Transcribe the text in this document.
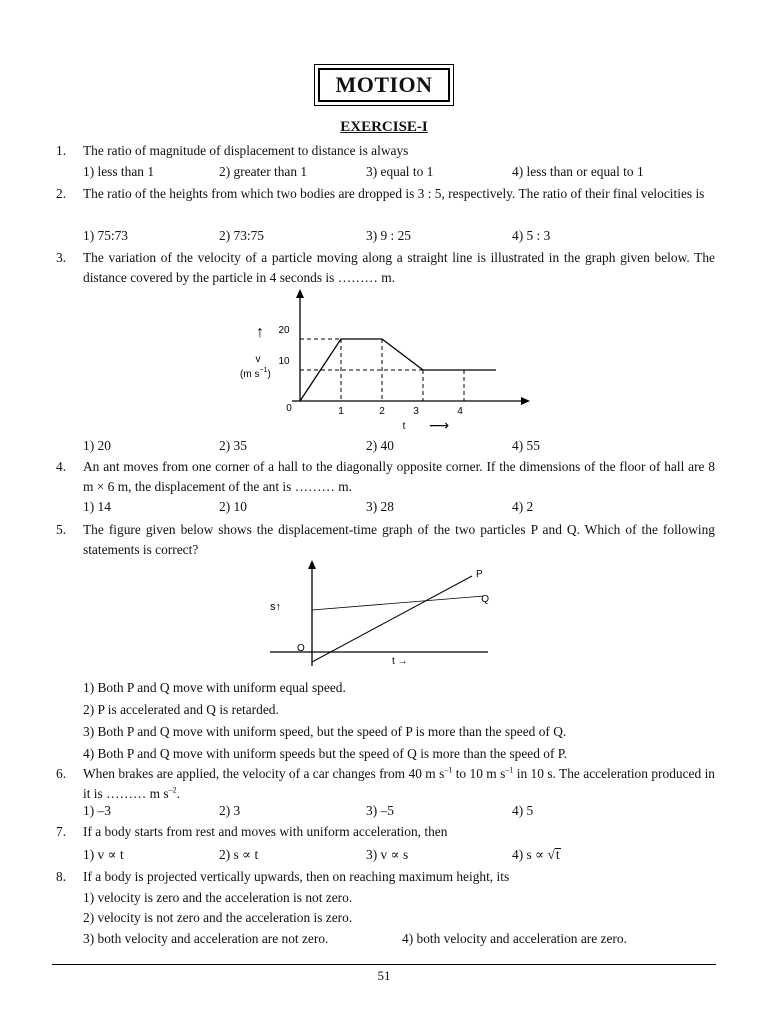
MOTION
EXERCISE-I
1. The ratio of magnitude of displacement to distance is always
1) less than 1	2) greater than 1	3) equal to 1	4) less than or equal to 1
2. The ratio of the heights from which two bodies are dropped is 3 : 5, respectively. The ratio of their final velocities is
1) 75:73	2) 73:75	3) 9 : 25	4) 5 : 3
3. The variation of the velocity of a particle moving along a straight line is illustrated in the graph given below. The distance covered by the particle in 4 seconds is ……… m.
20
10
0	1	2	3	4
↑
v
(m $s^{-1}$)
t ⟶
1) 20	2) 35	2) 40	4) 55
4. An ant moves from one corner of a hall to the diagonally opposite corner. If the dimensions of the floor of hall are 8 m × 6 m, the displacement of the ant is ……… m.
1) 14	2) 10	3) 28	4) 2
5. The figure given below shows the displacement-time graph of the two particles P and Q. Which of the following statements is correct?
P
Q
O
s↑
t →
1) Both P and Q move with uniform equal speed.
2) P is accelerated and Q is retarded.
3) Both P and Q move with uniform speed, but the speed of P is more than the speed of Q.
4) Both P and Q move with uniform speeds but the speed of Q is more than the speed of P.
6. When brakes are applied, the velocity of a car changes from 40 m $s^{-1}$ to 10 m $s^{-1}$ in 10 s. The acceleration produced in it is ……… m $s^{-2}$.
1) –3	2) 3	3) –5	4) 5
7. If a body starts from rest and moves with uniform acceleration, then
1) v ∝ t	2) s ∝ t	3) v ∝ s	4) s ∝ √t
8. If a body is projected vertically upwards, then on reaching maximum height, its
1) velocity is zero and the acceleration is not zero.
2) velocity is not zero and the acceleration is zero.
3) both velocity and acceleration are not zero.	4) both velocity and acceleration are zero.
51
